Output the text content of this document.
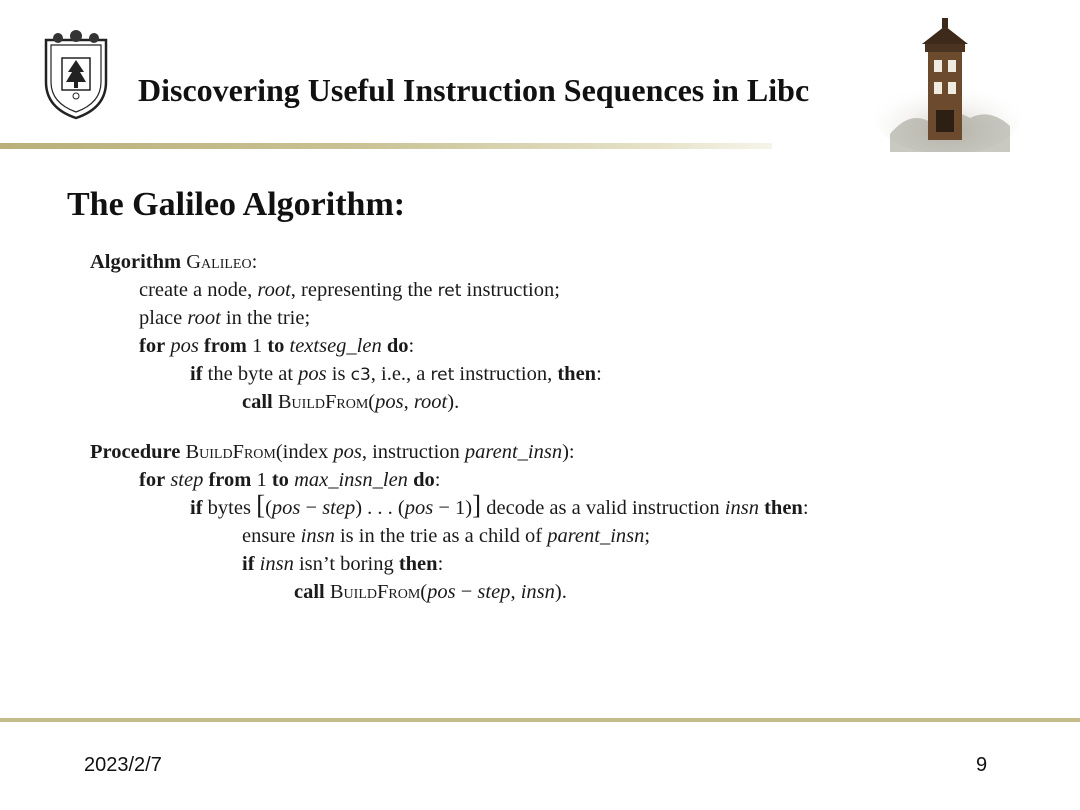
Discovering Useful Instruction Sequences in Libc
The Galileo Algorithm:
Algorithm Galileo:
create a node, root, representing the ret instruction;
place root in the trie;
for pos from 1 to textseg_len do:
if the byte at pos is c3, i.e., a ret instruction, then:
call BuildFrom(pos, root).
Procedure BuildFrom(index pos, instruction parent_insn):
for step from 1 to max_insn_len do:
if bytes [(pos − step) . . . (pos − 1)] decode as a valid instruction insn then:
ensure insn is in the trie as a child of parent_insn;
if insn isn’t boring then:
call BuildFrom(pos − step, insn).
2023/2/7	9
